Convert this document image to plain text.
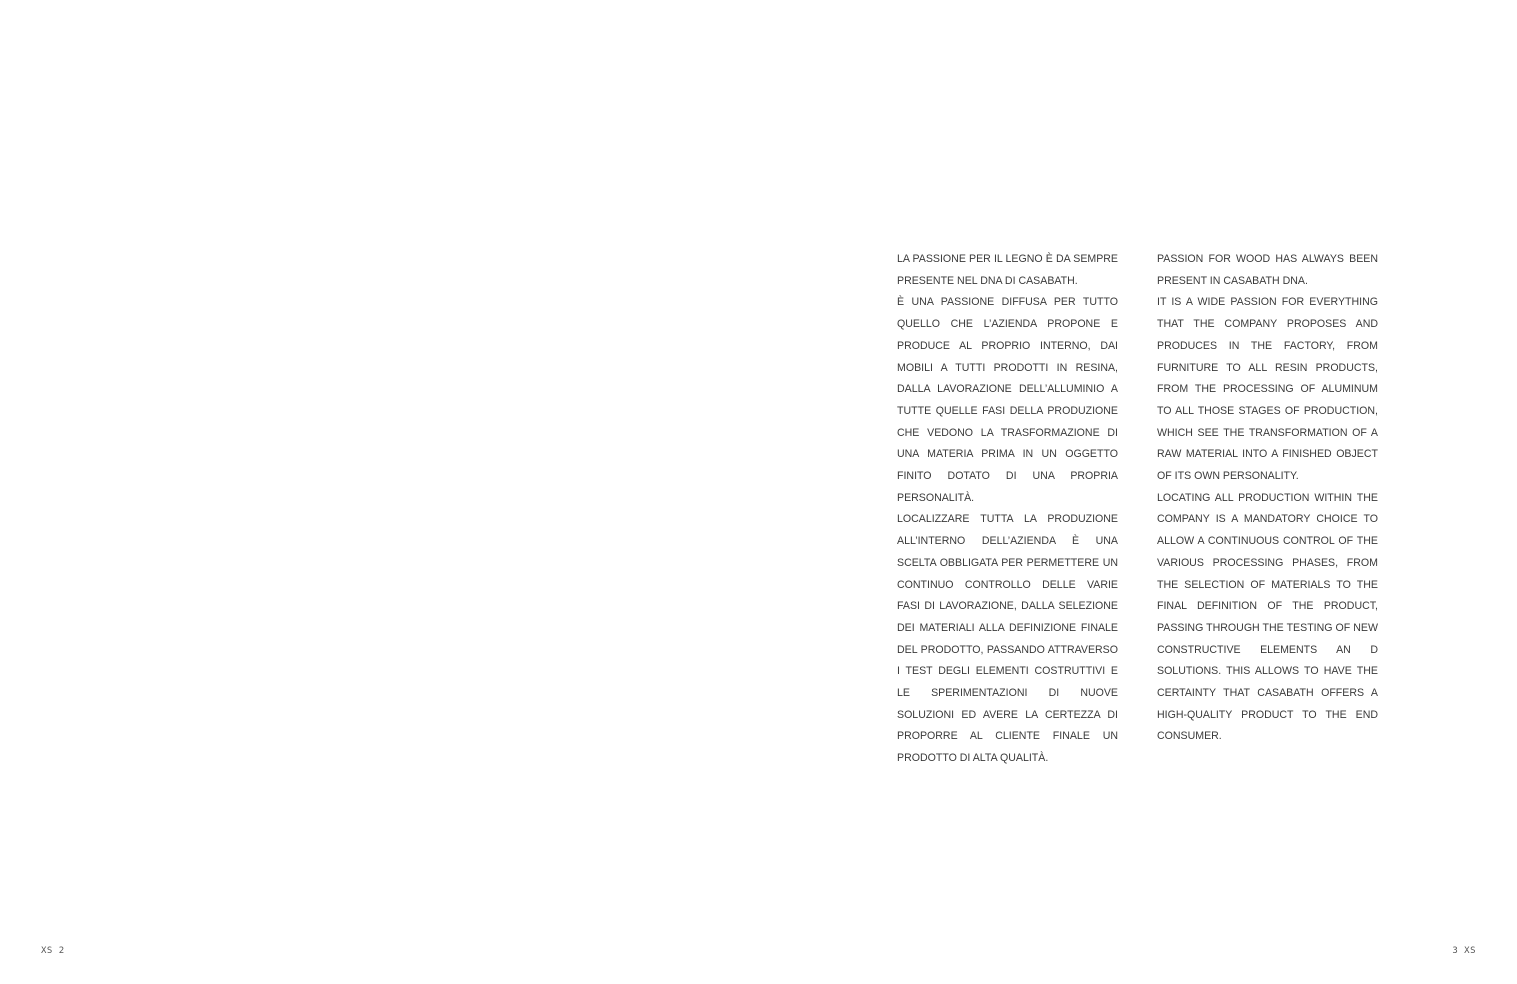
LA PASSIONE PER IL LEGNO È DA SEMPRE PRESENTE NEL DNA DI CASABATH.

È UNA PASSIONE DIFFUSA PER TUTTO QUELLO CHE L’AZIENDA PROPONE E PRODUCE AL PROPRIO INTERNO, DAI MOBILI A TUTTI PRODOTTI IN RESINA, DALLA LAVORAZIONE DELL’ALLUMINIO A TUTTE QUELLE FASI DELLA PRODUZIONE CHE VEDONO LA TRASFORMAZIONE DI UNA MATERIA PRIMA IN UN OGGETTO FINITO DOTATO DI UNA PROPRIA PERSONALITÀ.

LOCALIZZARE TUTTA LA PRODUZIONE ALL’INTERNO DELL’AZIENDA È UNA SCELTA OBBLIGATA PER PERMETTERE UN CONTINUO CONTROLLO DELLE VARIE FASI DI LAVORAZIONE, DALLA SELEZIONE DEI MATERIALI ALLA DEFINIZIONE FINALE DEL PRODOTTO, PASSANDO ATTRAVERSO I TEST DEGLI ELEMENTI COSTRUTTIVI E LE SPERIMENTAZIONI DI NUOVE SOLUZIONI ED AVERE LA CERTEZZA DI PROPORRE AL CLIENTE FINALE UN PRODOTTO DI ALTA QUALITÀ.

PASSION FOR WOOD HAS ALWAYS BEEN PRESENT IN CASABATH DNA.

IT IS A WIDE PASSION FOR EVERYTHING THAT THE COMPANY PROPOSES AND PRODUCES IN THE FACTORY, FROM FURNITURE TO ALL RESIN PRODUCTS, FROM THE PROCESSING OF ALUMINUM TO ALL THOSE STAGES OF PRODUCTION, WHICH SEE THE TRANSFORMATION OF A RAW MATERIAL INTO A FINISHED OBJECT OF ITS OWN PERSONALITY.

LOCATING ALL PRODUCTION WITHIN THE COMPANY IS A MANDATORY CHOICE TO ALLOW A CONTINUOUS CONTROL OF THE VARIOUS PROCESSING PHASES, FROM THE SELECTION OF MATERIALS TO THE FINAL DEFINITION OF THE PRODUCT, PASSING THROUGH THE TESTING OF NEW CONSTRUCTIVE ELEMENTS AN D SOLUTIONS. THIS ALLOWS TO HAVE THE CERTAINTY THAT CASABATH OFFERS A HIGH-QUALITY PRODUCT TO THE END CONSUMER.

XS 2	3 XS
